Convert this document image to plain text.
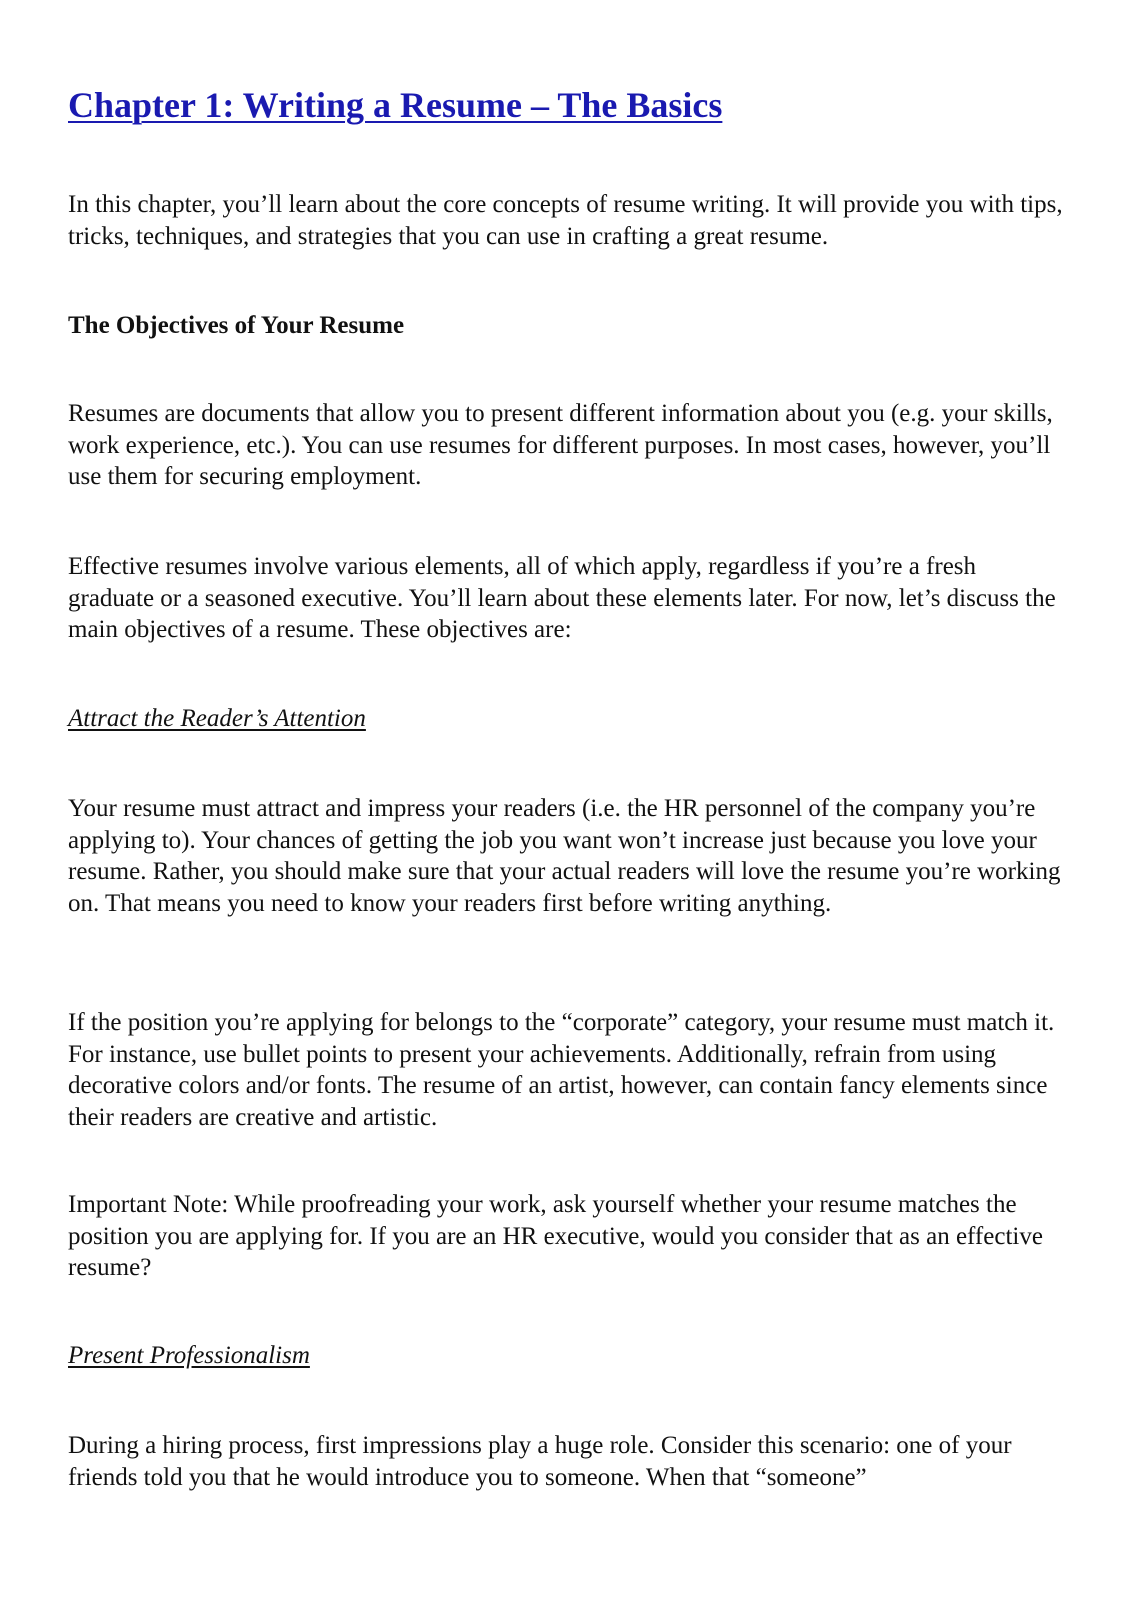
Chapter 1: Writing a Resume – The Basics

In this chapter, you’ll learn about the core concepts of resume writing. It will provide you with tips, tricks, techniques, and strategies that you can use in crafting a great resume.

The Objectives of Your Resume

Resumes are documents that allow you to present different information about you (e.g. your skills, work experience, etc.). You can use resumes for different purposes. In most cases, however, you’ll use them for securing employment.

Effective resumes involve various elements, all of which apply, regardless if you’re a fresh graduate or a seasoned executive. You’ll learn about these elements later. For now, let’s discuss the main objectives of a resume. These objectives are:

Attract the Reader’s Attention

Your resume must attract and impress your readers (i.e. the HR personnel of the company you’re applying to). Your chances of getting the job you want won’t increase just because you love your resume. Rather, you should make sure that your actual readers will love the resume you’re working on. That means you need to know your readers first before writing anything.

If the position you’re applying for belongs to the “corporate” category, your resume must match it. For instance, use bullet points to present your achievements. Additionally, refrain from using decorative colors and/or fonts. The resume of an artist, however, can contain fancy elements since their readers are creative and artistic.

Important Note: While proofreading your work, ask yourself whether your resume matches the position you are applying for. If you are an HR executive, would you consider that as an effective resume?

Present Professionalism

During a hiring process, first impressions play a huge role. Consider this scenario: one of your friends told you that he would introduce you to someone. When that “someone”
